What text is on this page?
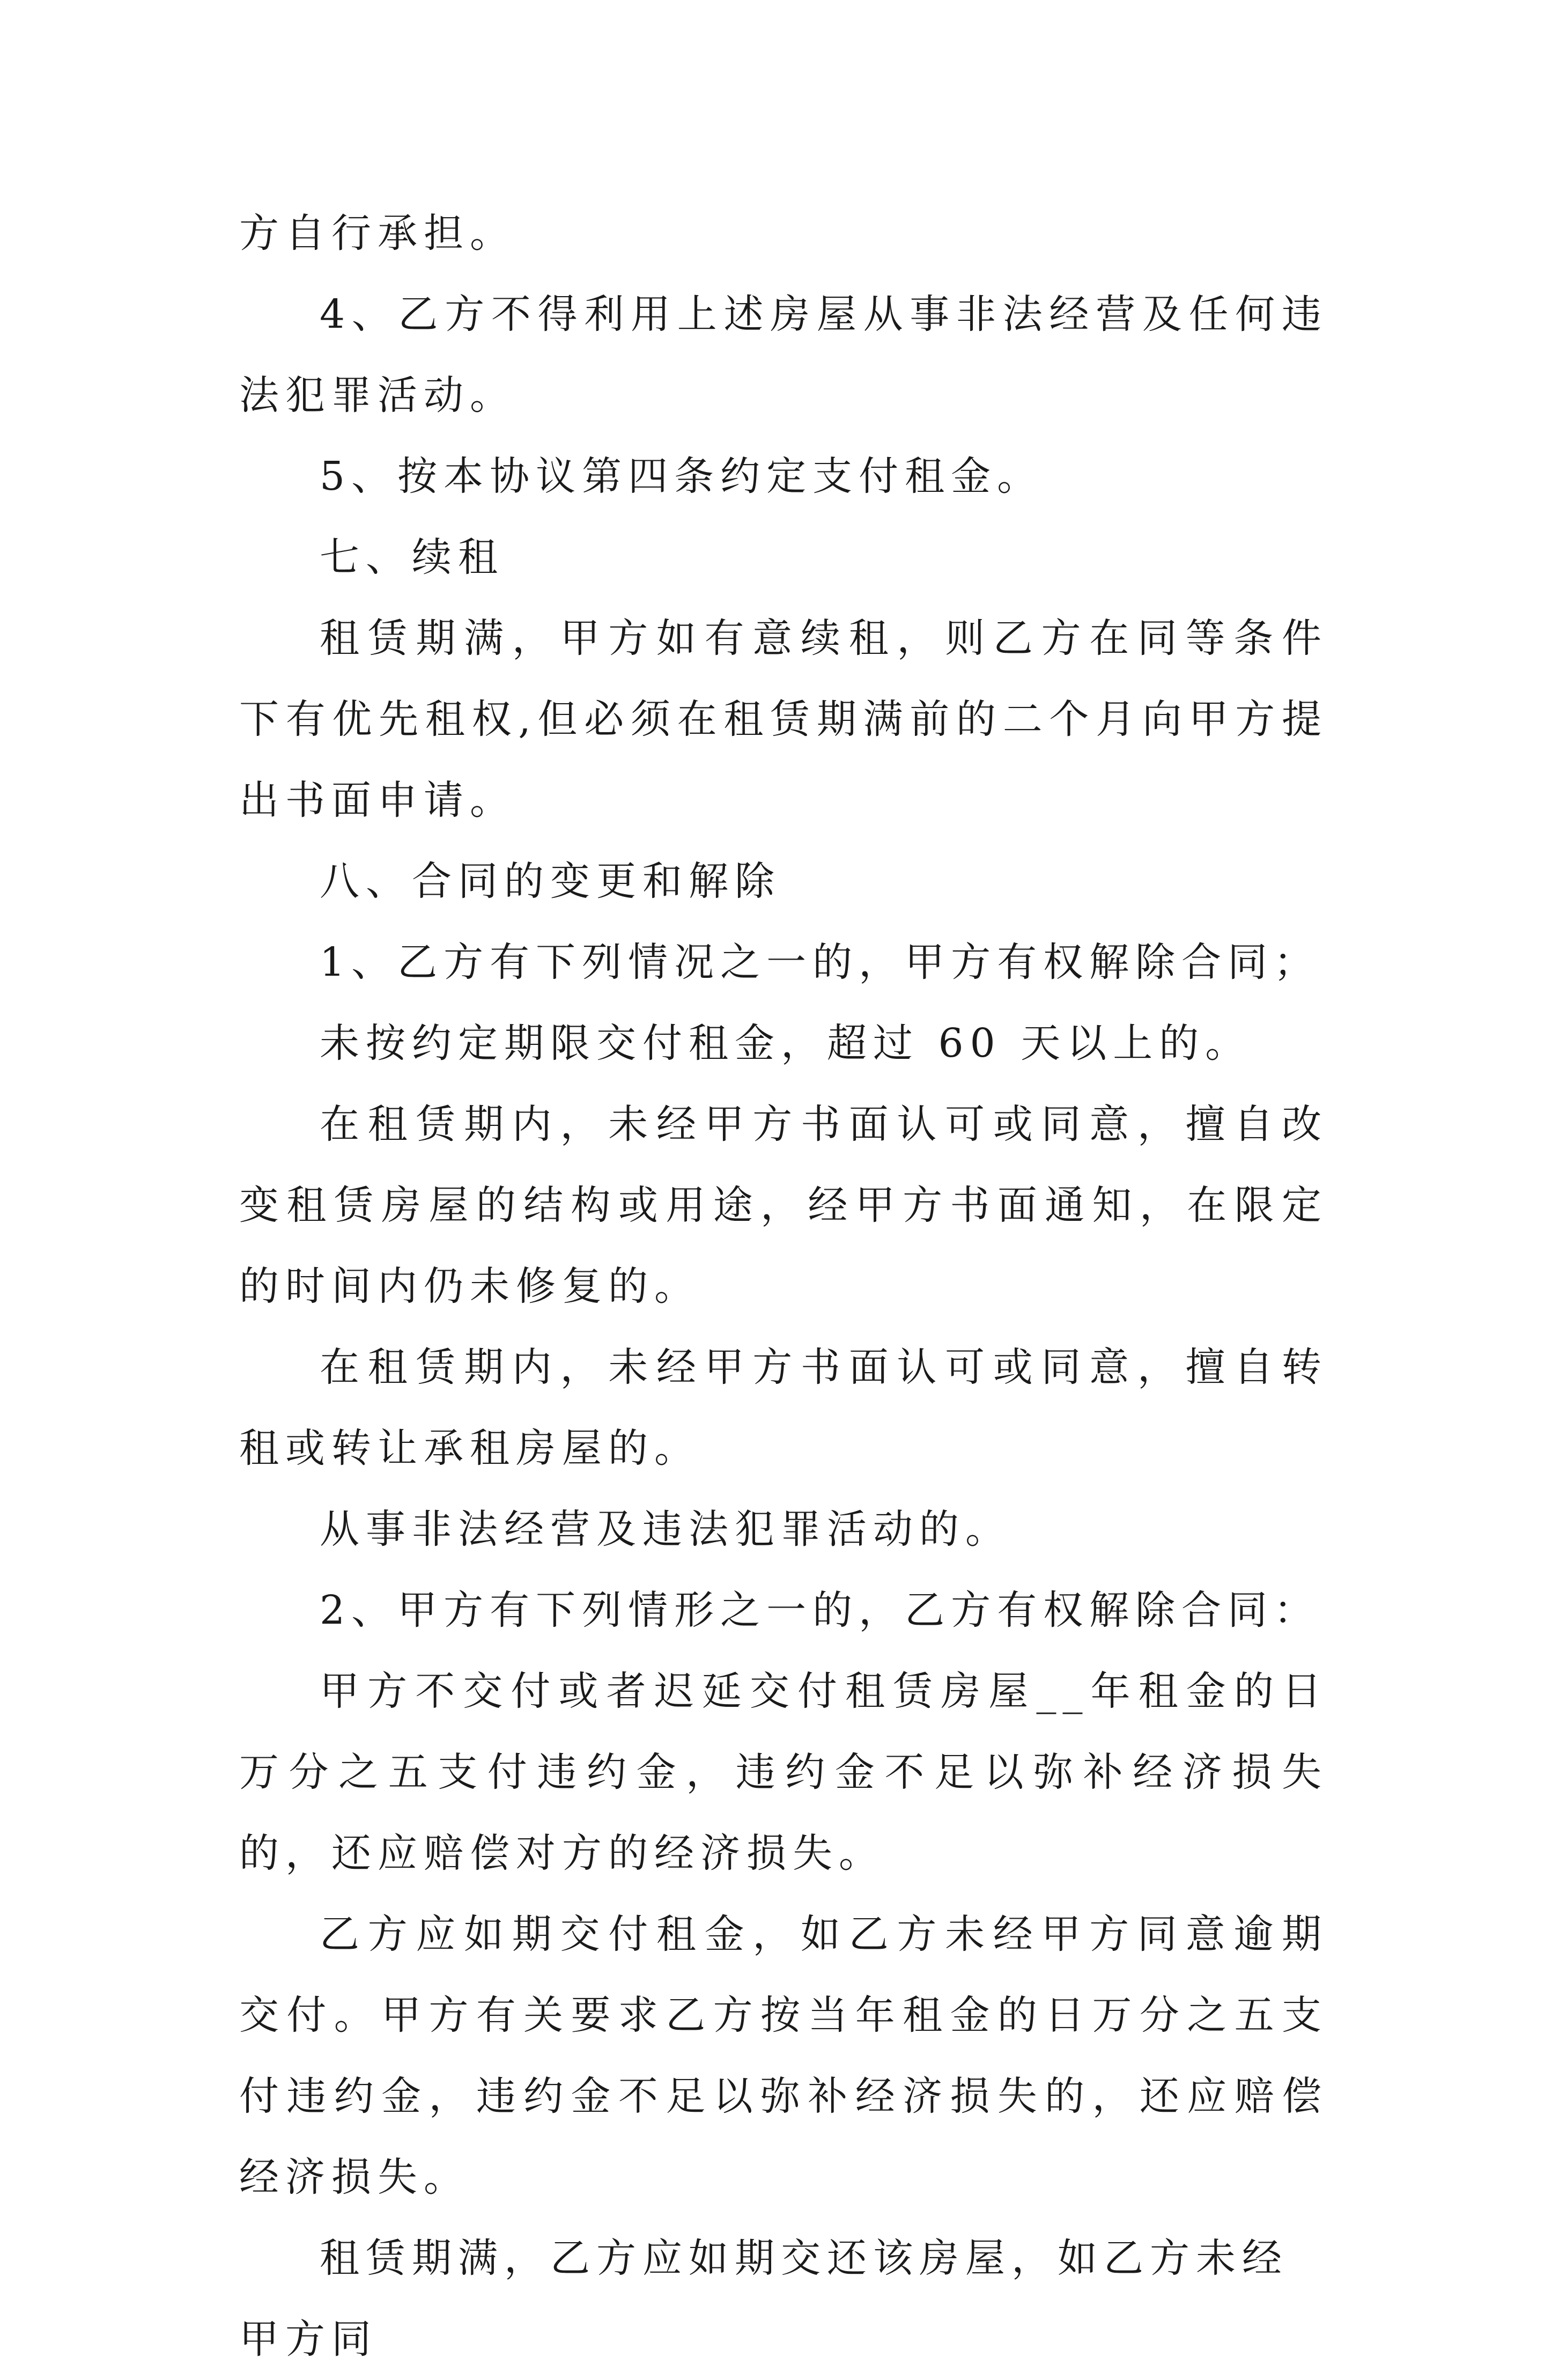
方自行承担。

4、乙方不得利用上述房屋从事非法经营及任何违法犯罪活动。

5、按本协议第四条约定支付租金。

七、续租

租赁期满，甲方如有意续租，则乙方在同等条件下有优先租权,但必须在租赁期满前的二个月向甲方提出书面申请。

八、合同的变更和解除

1、乙方有下列情况之一的，甲方有权解除合同；

未按约定期限交付租金，超过 60 天以上的。

在租赁期内，未经甲方书面认可或同意，擅自改变租赁房屋的结构或用途，经甲方书面通知，在限定的时间内仍未修复的。

在租赁期内，未经甲方书面认可或同意，擅自转租或转让承租房屋的。

从事非法经营及违法犯罪活动的。

2、甲方有下列情形之一的，乙方有权解除合同：

甲方不交付或者迟延交付租赁房屋__年租金的日万分之五支付违约金，违约金不足以弥补经济损失的，还应赔偿对方的经济损失。

乙方应如期交付租金，如乙方未经甲方同意逾期交付。甲方有关要求乙方按当年租金的日万分之五支付违约金，违约金不足以弥补经济损失的，还应赔偿经济损失。

租赁期满，乙方应如期交还该房屋，如乙方未经甲方同
